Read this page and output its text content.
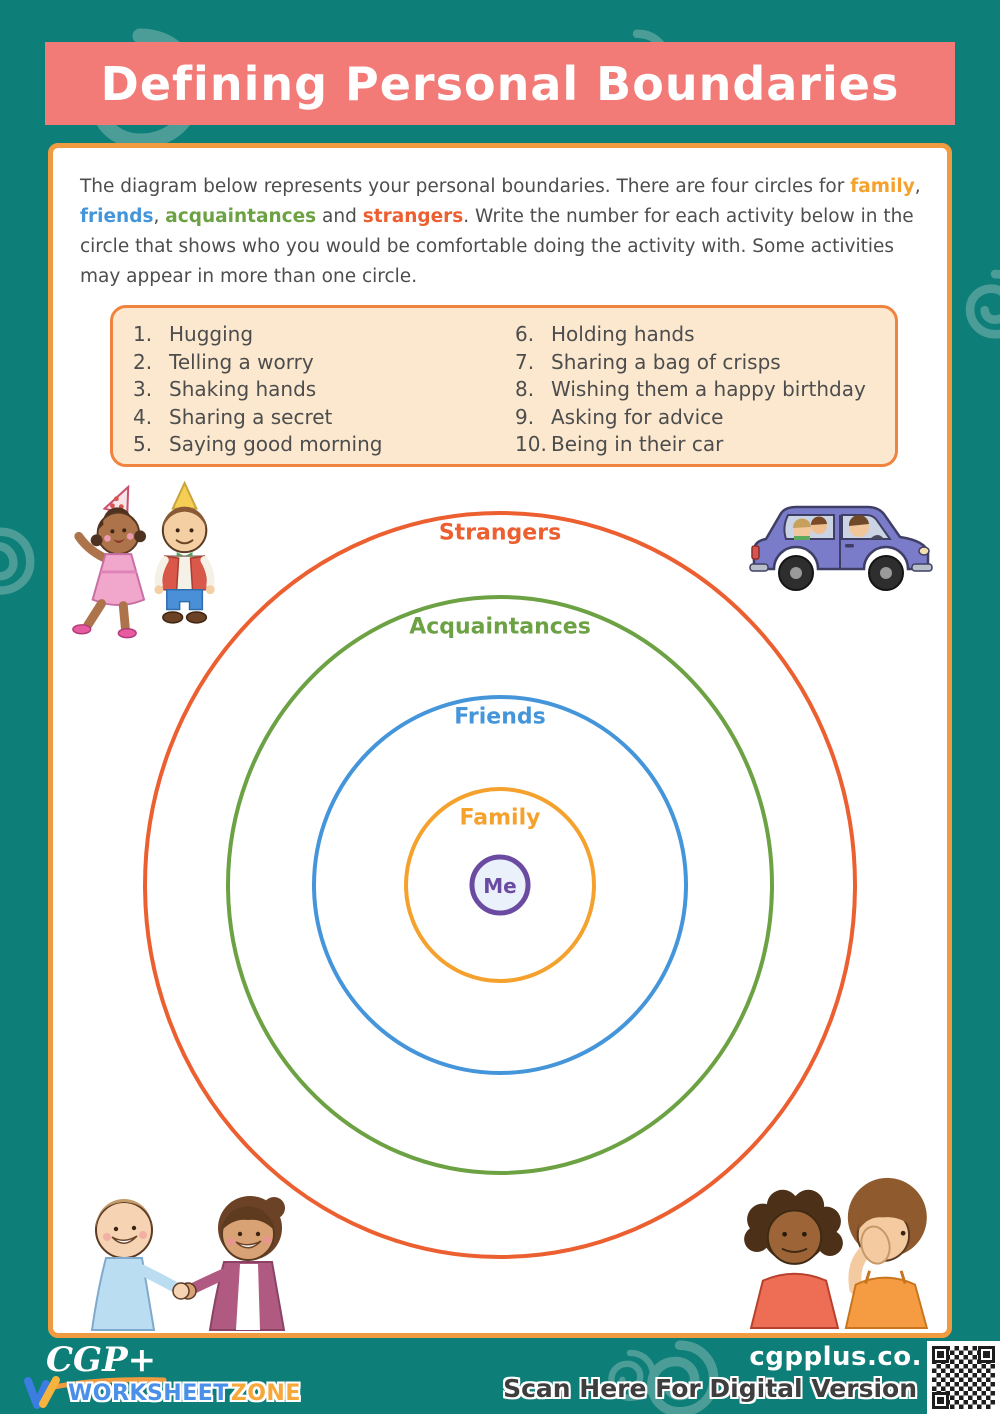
Defining Personal Boundaries

The diagram below represents your personal boundaries. There are four circles for family, friends, acquaintances and strangers. Write the number for each activity below in the circle that shows who you would be comfortable doing the activity with. Some activities may appear in more than one circle.

1. Hugging
2. Telling a worry
3. Shaking hands
4. Sharing a secret
5. Saying good morning
6. Holding hands
7. Sharing a bag of crisps
8. Wishing them a happy birthday
9. Asking for advice
10. Being in their car
Strangers
Acquaintances
Friends
Family
Me
CGP+
WORKSHEET ZONE
cgpplus.co.
Scan Here For Digital Version
